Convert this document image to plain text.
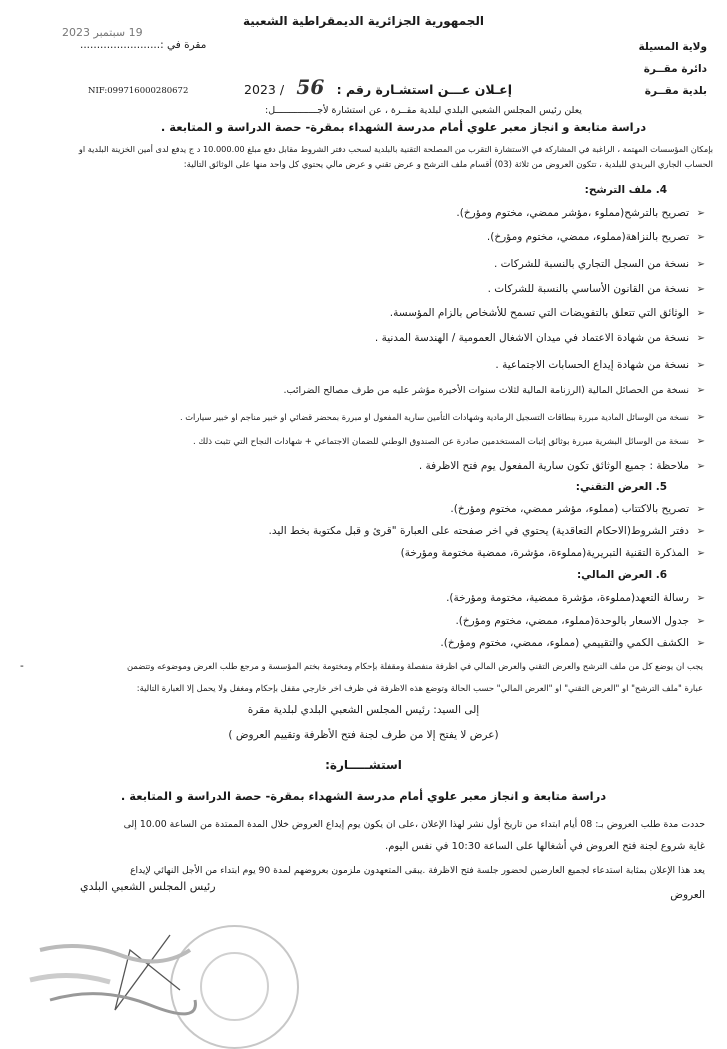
الجمهورية الجزائرية الديمقراطية الشعبية
19 سبتمبر 2023
مقرة في :........................	ولاية المسيلة
دائرة مقــرة
بلدية مقــرة
إعـلان عـــن استشـارة رقم : 56 / 2023
NIF:099716000280672
يعلن رئيس المجلس الشعبي البلدي لبلدية مقــرة ، عن استشارة لأجـــــــــــــــل:
دراسة متابعة و انجاز معبر علوي أمام مدرسة الشهداء بمقرة- حصة الدراسة و المتابعة .
بإمكان المؤسسات المهتمة ، الراغبة في المشاركة في الاستشارة التقرب من المصلحة التقنية بالبلدية لسحب دفتر الشروط مقابل دفع مبلغ 10.000.00 د ج يدفع لدى أمين الخزينة البلدية او
الحساب الجاري البريدي للبلدية ، تتكون العروض من ثلاثة (03) أقسام ملف الترشح و عرض تقني و عرض مالي يحتوي كل واحد منها على الوثائق التالية:
4. ملف الترشح:
➢تصريح بالترشح(مملوء ،مؤشر ممضي، مختوم ومؤرخ).
➢تصريح بالنزاهة(مملوء، ممضي، مختوم ومؤرخ).
➢نسخة من السجل التجاري بالنسبة للشركات .
➢نسخة من القانون الأساسي بالنسبة للشركات .
➢الوثائق التي تتعلق بالتفويضات التي تسمح للأشخاص بالزام المؤسسة.
➢نسخة من شهادة الاعتماد في ميدان الاشغال العمومية / الهندسة المدنية .
➢نسخة من شهادة إيداع الحسابات الاجتماعية .
➢نسخة من الحصائل المالية (الرزنامة المالية لثلاث سنوات الأخيرة مؤشر عليه من طرف مصالح الضرائب.
➢نسخة من الوسائل المادية مبررة ببطاقات التسجيل الرمادية وشهادات التأمين سارية المفعول او مبررة بمحضر قضائي او خبير مناجم او خبير سيارات .
➢نسخة من الوسائل البشرية مبررة بوثائق إثبات المستخدمين صادرة عن الصندوق الوطني للضمان الاجتماعي + شهادات النجاح التي تثبت ذلك .
➢ملاحظة : جميع الوثائق تكون سارية المفعول يوم فتح الاظرفة .
5. العرض التقني:
➢تصريح بالاكتتاب (مملوء، مؤشر ممضي، مختوم ومؤرخ).
➢دفتر الشروط(الاحكام التعاقدية) يحتوي في اخر صفحته على العبارة "قرئ و قبل مكتوبة بخط اليد.
➢المذكرة التقنية التبريرية(مملوءة، مؤشرة، ممضية مختومة ومؤرخة)
6. العرض المالي:
➢رسالة التعهد(مملوءة، مؤشرة ممضية، مختومة ومؤرخة).
➢جدول الاسعار بالوحدة(مملوء، ممضي، مختوم ومؤرخ).
➢الكشف الكمي والتقييمي (مملوء، ممضي، مختوم ومؤرخ).
-	يجب ان يوضع كل من ملف الترشح والعرض التقني والعرض المالي في اظرفة منفصلة ومقفلة بإحكام ومختومة بختم المؤسسة و مرجع طلب العرض وموضوعه وتتضمن
عبارة "ملف الترشح" او "العرض التقني" او "العرض المالي" حسب الحالة وتوضع هذه الاظرفة في ظرف اخر خارجي مقفل بإحكام ومغفل ولا يحمل إلا العبارة التالية:
إلى السيد: رئيس المجلس الشعبي البلدي لبلدية مقرة
(عرض لا يفتح إلا من طرف لجنة فتح الأظرفة وتقييم العروض )
استشـــــارة:
دراسة متابعة و انجاز معبر علوي أمام مدرسة الشهداء بمقرة- حصة الدراسة و المتابعة .
حددت مدة طلب العروض بـ: 08 أيام ابتداء من تاريخ أول نشر لهذا الإعلان ،على ان يكون يوم إيداع العروض خلال المدة الممتدة من الساعة 10.00 إلى
غاية شروع لجنة فتح العروض في أشغالها على الساعة 10:30 في نفس اليوم.
يعد هذا الإعلان بمثابة استدعاء لجميع العارضين لحضور جلسة فتح الاظرفة .يبقى المتعهدون ملزمون بعروضهم لمدة 90 يوم ابتداء من الأجل النهائي لإيداع
العروض
رئيس المجلس الشعبي البلدي
